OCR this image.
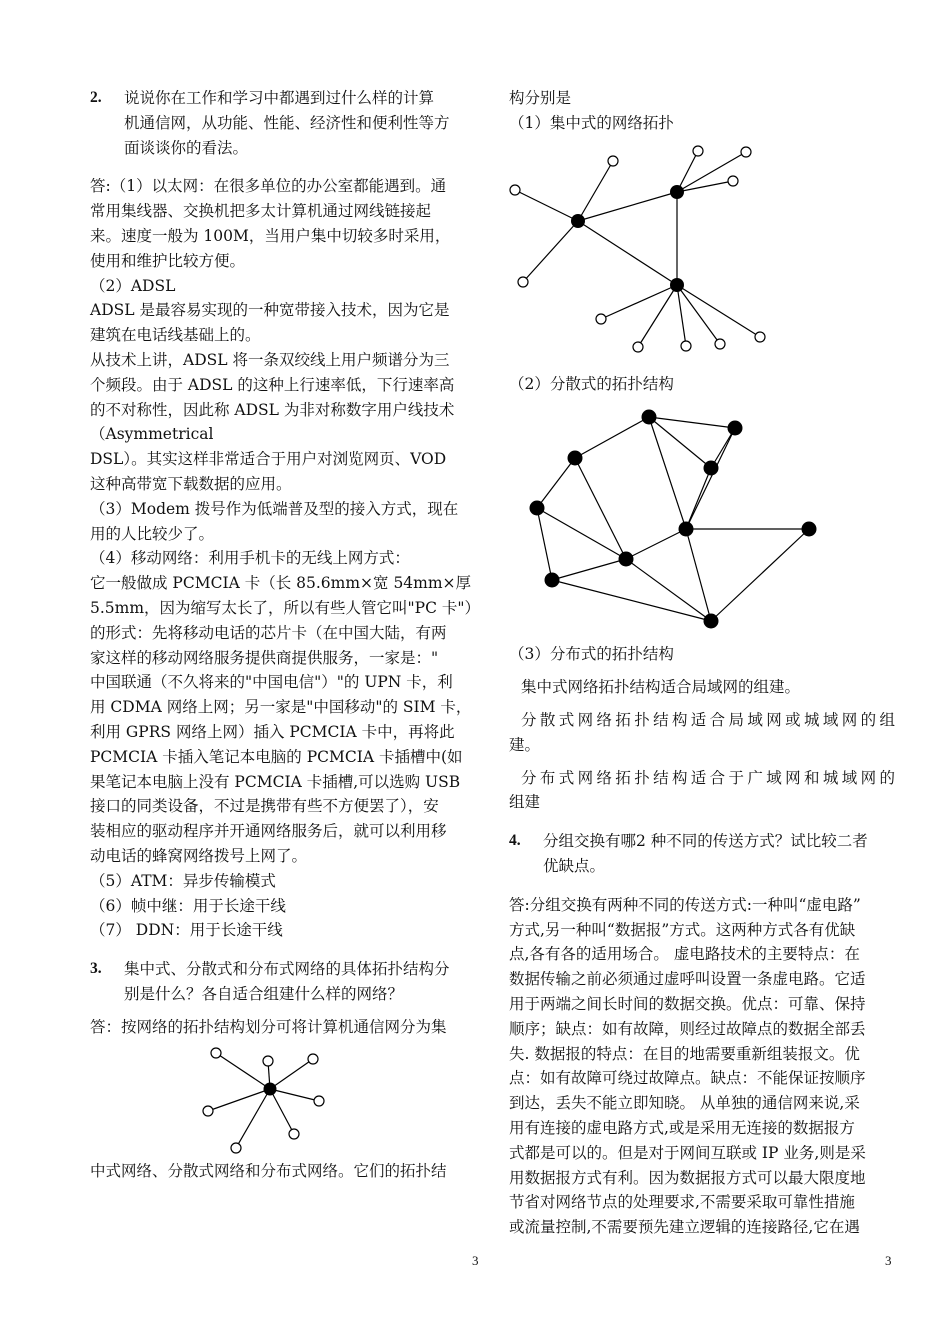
2.	说说你在工作和学习中都遇到过什么样的计算
机通信网，从功能、性能、经济性和便利性等方
面谈谈你的看法。
答:（1）以太网：在很多单位的办公室都能遇到。通
常用集线器、交换机把多太计算机通过网线链接起
来。速度一般为 100M，当用户集中切较多时采用，
使用和维护比较方便。
（2）ADSL
ADSL 是最容易实现的一种宽带接入技术，因为它是
建筑在电话线基础上的。
从技术上讲，ADSL 将一条双绞线上用户频谱分为三
个频段。由于 ADSL 的这种上行速率低，下行速率高
的不对称性，因此称 ADSL 为非对称数字用户线技术
（Asymmetrical
DSL）。其实这样非常适合于用户对浏览网页、VOD
这种高带宽下载数据的应用。
（3）Modem 拨号作为低端普及型的接入方式，现在
用的人比较少了。
（4）移动网络：利用手机卡的无线上网方式：
它一般做成 PCMCIA 卡（长 85.6mm×宽 54mm×厚
5.5mm，因为缩写太长了，所以有些人管它叫"PC 卡"）
的形式：先将移动电话的芯片卡（在中国大陆，有两
家这样的移动网络服务提供商提供服务，一家是："
中国联通（不久将来的"中国电信"）"的 UPN 卡，利
用 CDMA 网络上网；另一家是"中国移动"的 SIM 卡，
利用 GPRS 网络上网）插入 PCMCIA 卡中，再将此
PCMCIA 卡插入笔记本电脑的 PCMCIA 卡插槽中(如
果笔记本电脑上没有 PCMCIA 卡插槽,可以选购 USB
接口的同类设备，不过是携带有些不方便罢了），安
装相应的驱动程序并开通网络服务后，就可以利用移
动电话的蜂窝网络拨号上网了。
（5）ATM：异步传输模式
（6）帧中继：用于长途干线
（7） DDN：用于长途干线
3.	集中式、分散式和分布式网络的具体拓扑结构分
别是什么？各自适合组建什么样的网络？
答：按网络的拓扑结构划分可将计算机通信网分为集
中式网络、分散式网络和分布式网络。它们的拓扑结
构分别是
（1）集中式的网络拓扑
（2）分散式的拓扑结构
（3）分布式的拓扑结构
集中式网络拓扑结构适合局域网的组建。
分散式网络拓扑结构适合局域网或城域网的组
建。
分布式网络拓扑结构适合于广域网和城域网的
组建
4.	分组交换有哪2 种不同的传送方式？试比较二者
优缺点。
答:分组交换有两种不同的传送方式:一种叫“虚电路”
方式,另一种叫“数据报”方式。这两种方式各有优缺
点,各有各的适用场合。 虚电路技术的主要特点：在
数据传输之前必须通过虚呼叫设置一条虚电路。它适
用于两端之间长时间的数据交换。优点：可靠、保持
顺序；缺点：如有故障，则经过故障点的数据全部丢
失. 数据报的特点：在目的地需要重新组装报文。优
点：如有故障可绕过故障点。缺点：不能保证按顺序
到达，丢失不能立即知晓。 从单独的通信网来说,采
用有连接的虚电路方式,或是采用无连接的数据报方
式都是可以的。但是对于网间互联或 IP 业务,则是采
用数据报方式有利。因为数据报方式可以最大限度地
节省对网络节点的处理要求,不需要采取可靠性措施
或流量控制,不需要预先建立逻辑的连接路径,它在遇
3	3
